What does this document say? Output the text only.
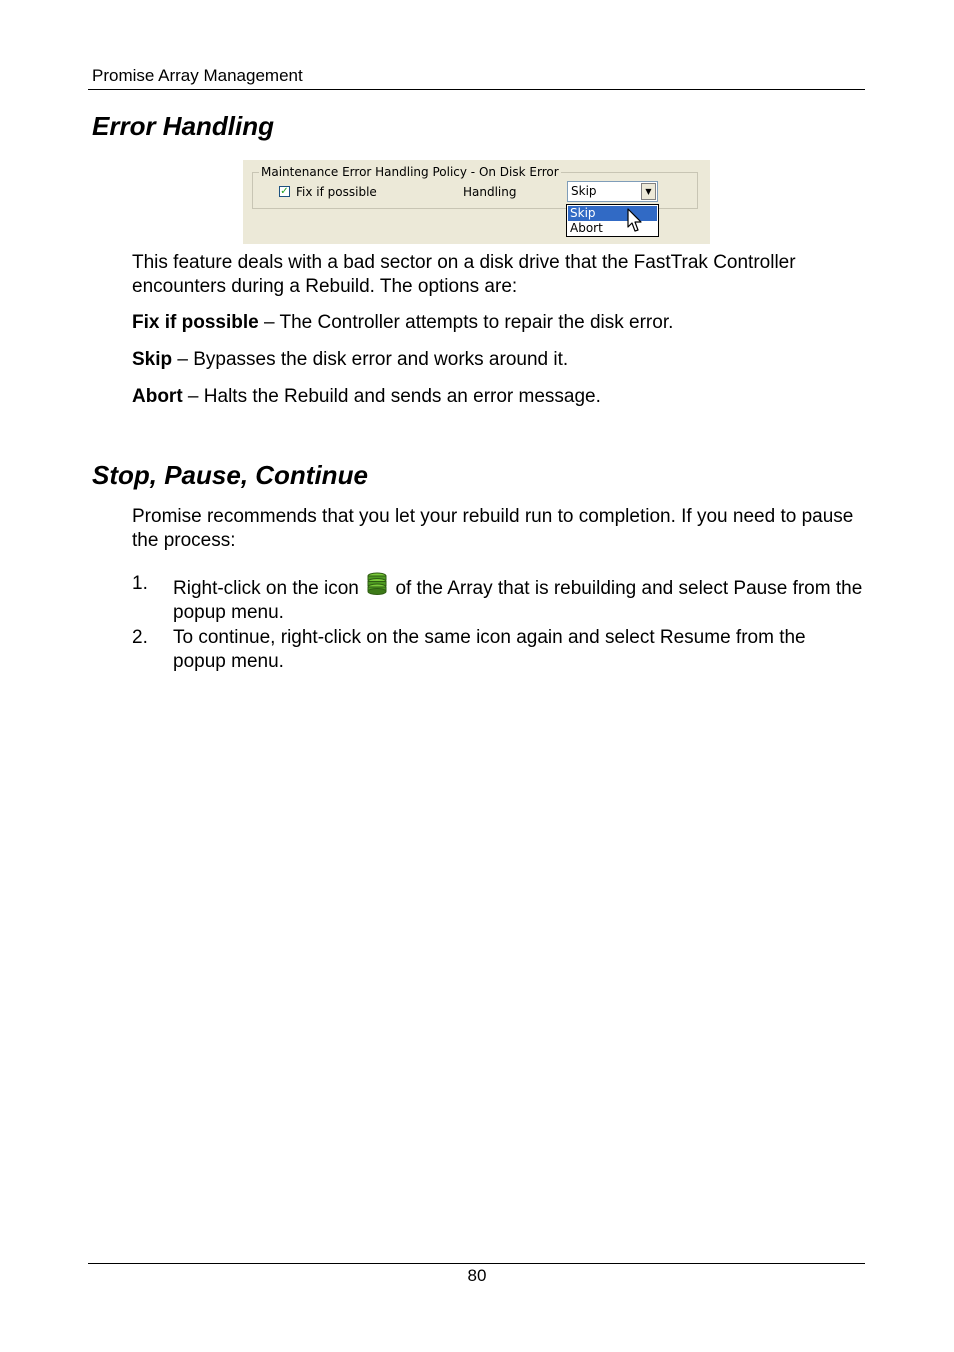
Promise Array Management
Error Handling
Maintenance Error Handling Policy - On Disk Error
✓ Fix if possible	Handling	Skip	▼
Skip
Abort

This feature deals with a bad sector on a disk drive that the FastTrak Controller encounters during a Rebuild. The options are:

Fix if possible – The Controller attempts to repair the disk error.

Skip – Bypasses the disk error and works around it.

Abort – Halts the Rebuild and sends an error message.

Stop, Pause, Continue

Promise recommends that you let your rebuild run to completion. If you need to pause the process:

1. Right-click on the icon of the Array that is rebuilding and select Pause from the popup menu.

2. To continue, right-click on the same icon again and select Resume from the popup menu.

80
